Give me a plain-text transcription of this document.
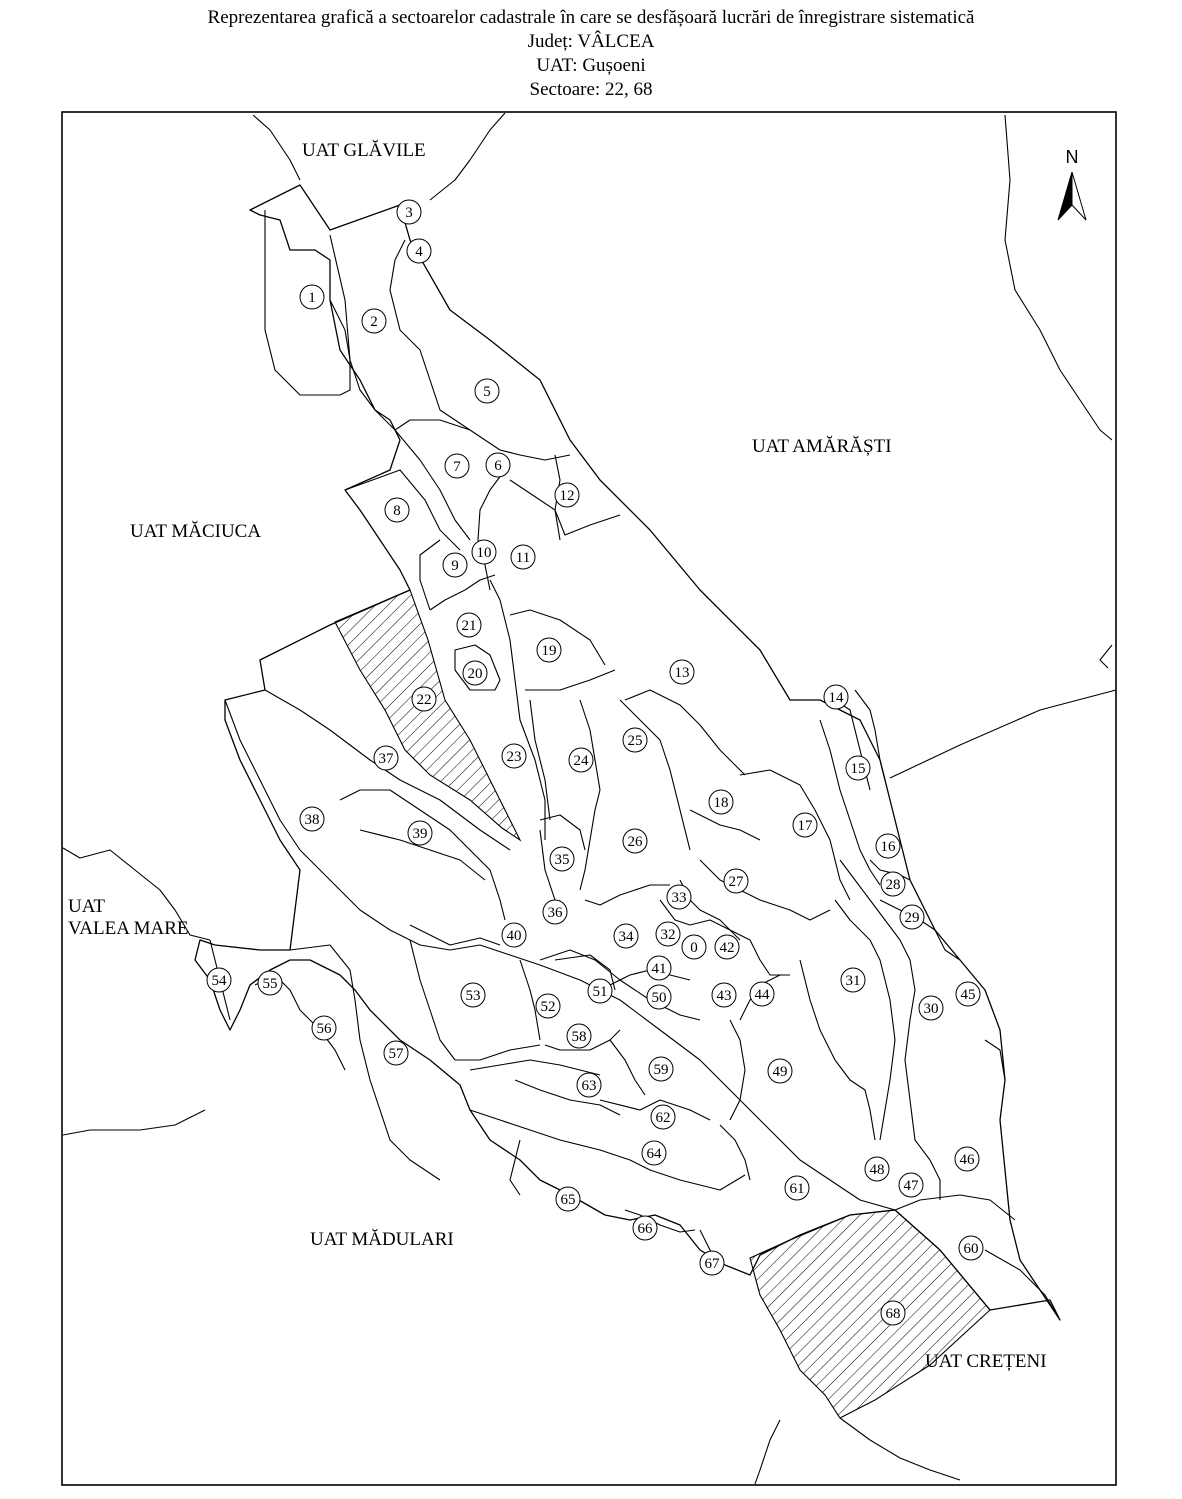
Reprezentarea grafică a sectoarelor cadastrale în care se desfășoară lucrări de înregistrare sistematică
Județ: VÂLCEA
UAT: Gușoeni
Sectoare: 22, 68
N
UAT GLĂVILE
UAT AMĂRĂȘTI
UAT MĂCIUCA
UAT
VALEA MARE
UAT MĂDULARI
UAT CREȚENI
0
1
2
3
4
5
6
7
8
9
10 11
12
13
14
15
16
17
18
19
20
21
22
23	24
25
26
27	28
29
30
31
32
33
34
35
36
37
38
39
40
41
42
43 44	45
46
47
48
49
50
51
52
53
54 55
56
57
58
59
60
61
62
63
64
65
66
67
68
